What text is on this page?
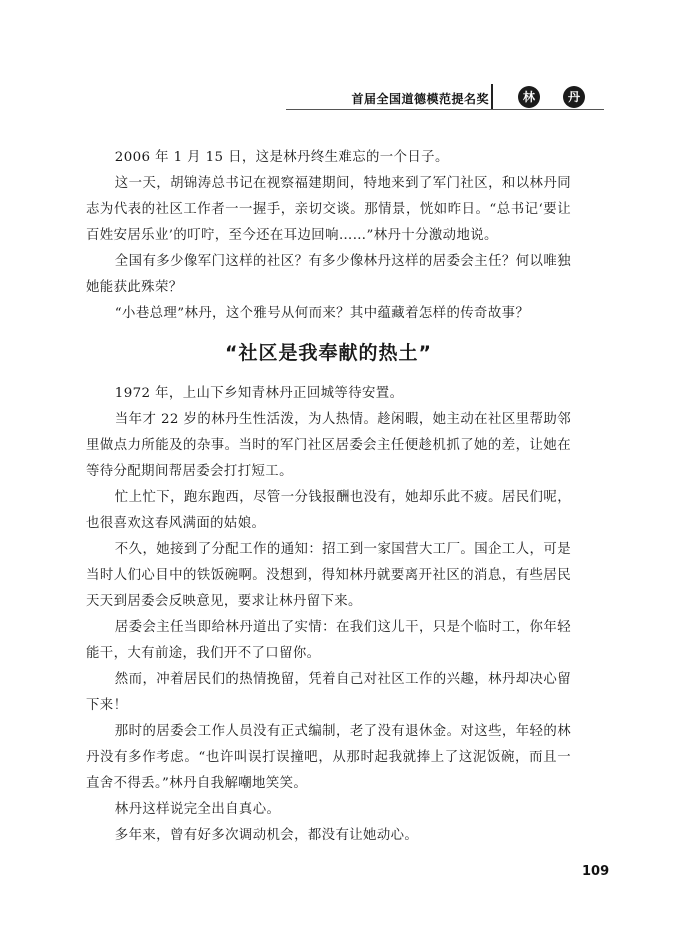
首届全国道德模范提名奖	林	丹

2006 年 1 月 15 日，这是林丹终生难忘的一个日子。

这一天，胡锦涛总书记在视察福建期间，特地来到了军门社区，和以林丹同志为代表的社区工作者一一握手，亲切交谈。那情景，恍如昨日。“总书记‘要让百姓安居乐业’的叮咛，至今还在耳边回响……”林丹十分激动地说。

全国有多少像军门这样的社区？有多少像林丹这样的居委会主任？何以唯独她能获此殊荣？

“小巷总理”林丹，这个雅号从何而来？其中蕴藏着怎样的传奇故事？

“社区是我奉献的热土”

1972 年，上山下乡知青林丹正回城等待安置。

当年才 22 岁的林丹生性活泼，为人热情。趁闲暇，她主动在社区里帮助邻里做点力所能及的杂事。当时的军门社区居委会主任便趁机抓了她的差，让她在等待分配期间帮居委会打打短工。

忙上忙下，跑东跑西，尽管一分钱报酬也没有，她却乐此不疲。居民们呢，也很喜欢这春风满面的姑娘。

不久，她接到了分配工作的通知：招工到一家国营大工厂。国企工人，可是当时人们心目中的铁饭碗啊。没想到，得知林丹就要离开社区的消息，有些居民天天到居委会反映意见，要求让林丹留下来。

居委会主任当即给林丹道出了实情：在我们这儿干，只是个临时工，你年轻能干，大有前途，我们开不了口留你。

然而，冲着居民们的热情挽留，凭着自己对社区工作的兴趣，林丹却决心留下来！

那时的居委会工作人员没有正式编制，老了没有退休金。对这些，年轻的林丹没有多作考虑。“也许叫误打误撞吧，从那时起我就捧上了这泥饭碗，而且一直舍不得丢。”林丹自我解嘲地笑笑。

林丹这样说完全出自真心。

多年来，曾有好多次调动机会，都没有让她动心。

109
